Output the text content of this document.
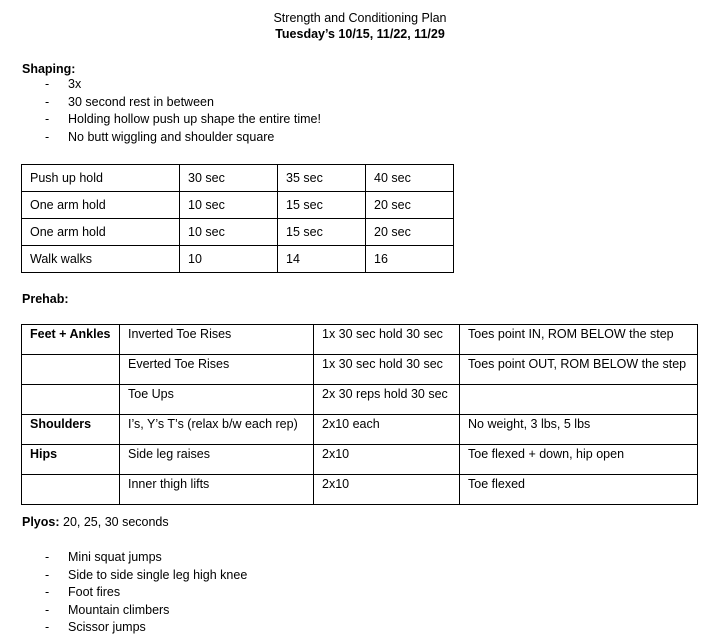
Strength and Conditioning Plan
Tuesday’s 10/15, 11/22, 11/29
Shaping:
- 3x
- 30 second rest in between
- Holding hollow push up shape the entire time!
- No butt wiggling and shoulder square
Push up hold	30 sec	35 sec	40 sec
One arm hold	10 sec	15 sec	20 sec
One arm hold	10 sec	15 sec	20 sec
Walk walks	10	14	16
Prehab:
Feet + Ankles	Inverted Toe Rises	1x 30 sec hold 30 sec	Toes point IN, ROM BELOW the step
	Everted Toe Rises	1x 30 sec hold 30 sec	Toes point OUT, ROM BELOW the step
	Toe Ups	2x 30 reps hold 30 sec	
Shoulders	I’s, Y’s T’s (relax b/w each rep)	2x10 each	No weight, 3 lbs, 5 lbs
Hips	Side leg raises	2x10	Toe flexed + down, hip open
	Inner thigh lifts	2x10	Toe flexed
Plyos: 20, 25, 30 seconds
- Mini squat jumps
- Side to side single leg high knee
- Foot fires
- Mountain climbers
- Scissor jumps
